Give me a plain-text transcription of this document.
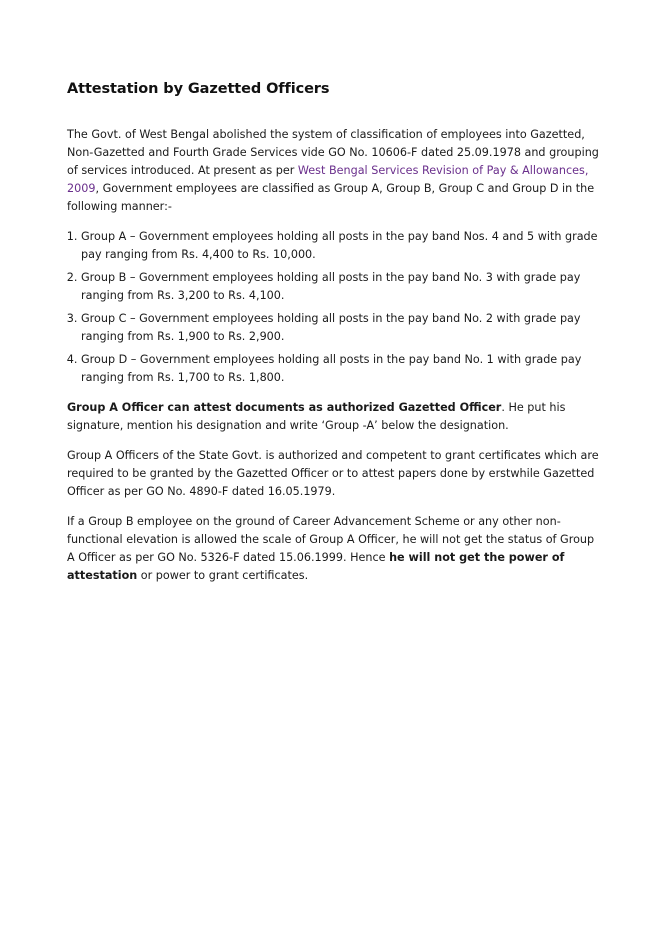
Attestation by Gazetted Officers

The Govt. of West Bengal abolished the system of classification of employees into Gazetted, Non-Gazetted and Fourth Grade Services vide GO No. 10606-F dated 25.09.1978 and grouping of services introduced. At present as per West Bengal Services Revision of Pay & Allowances, 2009, Government employees are classified as Group A, Group B, Group C and Group D in the following manner:-

1. Group A – Government employees holding all posts in the pay band Nos. 4 and 5 with grade pay ranging from Rs. 4,400 to Rs. 10,000.
2. Group B – Government employees holding all posts in the pay band No. 3 with grade pay ranging from Rs. 3,200 to Rs. 4,100.
3. Group C – Government employees holding all posts in the pay band No. 2 with grade pay ranging from Rs. 1,900 to Rs. 2,900.
4. Group D – Government employees holding all posts in the pay band No. 1 with grade pay ranging from Rs. 1,700 to Rs. 1,800.

Group A Officer can attest documents as authorized Gazetted Officer. He put his signature, mention his designation and write ‘Group -A’ below the designation.

Group A Officers of the State Govt. is authorized and competent to grant certificates which are required to be granted by the Gazetted Officer or to attest papers done by erstwhile Gazetted Officer as per GO No. 4890-F dated 16.05.1979.

If a Group B employee on the ground of Career Advancement Scheme or any other non-functional elevation is allowed the scale of Group A Officer, he will not get the status of Group A Officer as per GO No. 5326-F dated 15.06.1999. Hence he will not get the power of attestation or power to grant certificates.
